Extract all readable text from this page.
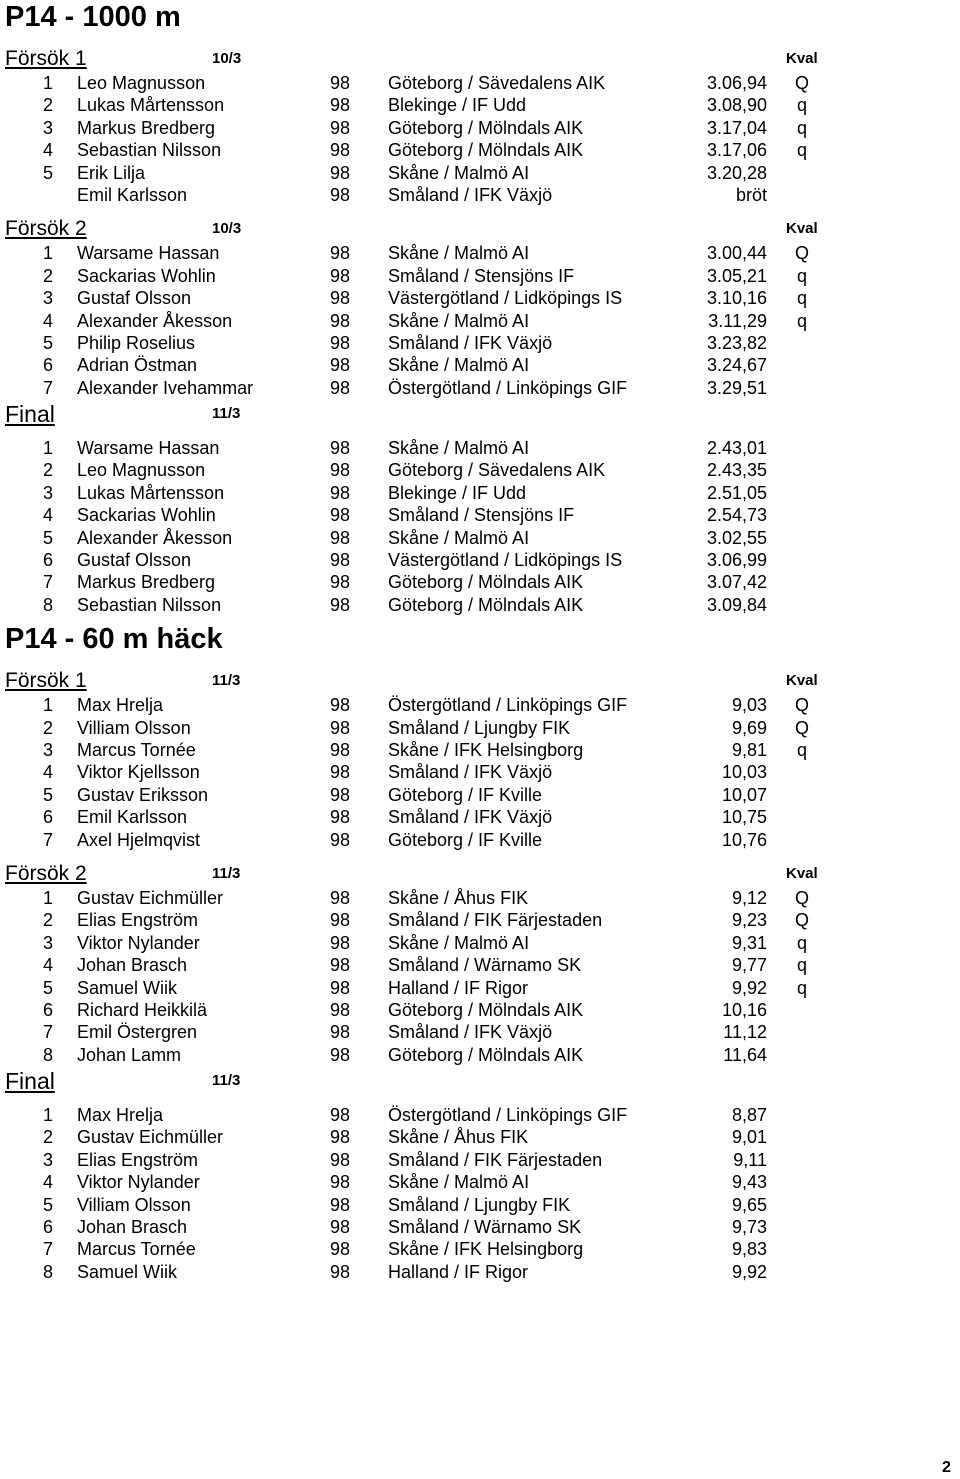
P14 - 1000 m
Försök 1	10/3	Kval
1 Leo Magnusson	98 Göteborg / Sävedalens AIK	3.06,94 Q
2 Lukas Mårtensson	98 Blekinge / IF Udd	3.08,90	q
3 Markus Bredberg	98 Göteborg / Mölndals AIK	3.17,04	q
4 Sebastian Nilsson	98 Göteborg / Mölndals AIK	3.17,06	q
5 Erik Lilja	98 Skåne / Malmö AI	3.20,28
Emil Karlsson	98 Småland / IFK Växjö	bröt
Försök 2	10/3	Kval
1 Warsame Hassan	98 Skåne / Malmö AI	3.00,44 Q
2 Sackarias Wohlin	98 Småland / Stensjöns IF	3.05,21	q
3 Gustaf Olsson	98 Västergötland / Lidköpings IS	3.10,16	q
4 Alexander Åkesson	98 Skåne / Malmö AI	3.11,29	q
5 Philip Roselius	98 Småland / IFK Växjö	3.23,82
6 Adrian Östman	98 Skåne / Malmö AI	3.24,67
7 Alexander Ivehammar	98 Östergötland / Linköpings GIF	3.29,51
Final	11/3
1 Warsame Hassan	98 Skåne / Malmö AI	2.43,01
2 Leo Magnusson	98 Göteborg / Sävedalens AIK	2.43,35
3 Lukas Mårtensson	98 Blekinge / IF Udd	2.51,05
4 Sackarias Wohlin	98 Småland / Stensjöns IF	2.54,73
5 Alexander Åkesson	98 Skåne / Malmö AI	3.02,55
6 Gustaf Olsson	98 Västergötland / Lidköpings IS	3.06,99
7 Markus Bredberg	98 Göteborg / Mölndals AIK	3.07,42
8 Sebastian Nilsson	98 Göteborg / Mölndals AIK	3.09,84
P14 - 60 m häck
Försök 1	11/3	Kval
1 Max Hrelja	98 Östergötland / Linköpings GIF	9,03 Q
2 Villiam Olsson	98 Småland / Ljungby FIK	9,69 Q
3 Marcus Tornée	98 Skåne / IFK Helsingborg	9,81	q
4 Viktor Kjellsson	98 Småland / IFK Växjö	10,03
5 Gustav Eriksson	98 Göteborg / IF Kville	10,07
6 Emil Karlsson	98 Småland / IFK Växjö	10,75
7 Axel Hjelmqvist	98 Göteborg / IF Kville	10,76
Försök 2	11/3	Kval
1 Gustav Eichmüller	98 Skåne / Åhus FIK	9,12 Q
2 Elias Engström	98 Småland / FIK Färjestaden	9,23 Q
3 Viktor Nylander	98 Skåne / Malmö AI	9,31	q
4 Johan Brasch	98 Småland / Wärnamo SK	9,77	q
5 Samuel Wiik	98 Halland / IF Rigor	9,92	q
6 Richard Heikkilä	98 Göteborg / Mölndals AIK	10,16
7 Emil Östergren	98 Småland / IFK Växjö	11,12
8 Johan Lamm	98 Göteborg / Mölndals AIK	11,64
Final	11/3
1 Max Hrelja	98 Östergötland / Linköpings GIF	8,87
2 Gustav Eichmüller	98 Skåne / Åhus FIK	9,01
3 Elias Engström	98 Småland / FIK Färjestaden	9,11
4 Viktor Nylander	98 Skåne / Malmö AI	9,43
5 Villiam Olsson	98 Småland / Ljungby FIK	9,65
6 Johan Brasch	98 Småland / Wärnamo SK	9,73
7 Marcus Tornée	98 Skåne / IFK Helsingborg	9,83
8 Samuel Wiik	98 Halland / IF Rigor	9,92
2
